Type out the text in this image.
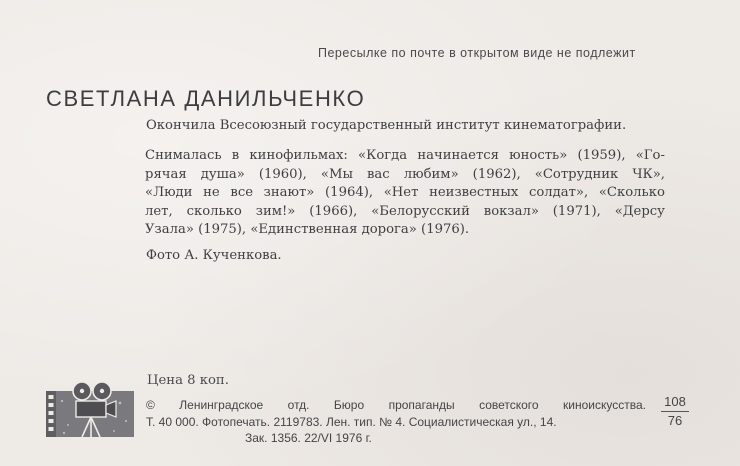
Пересылке по почте в открытом виде не подлежит
СВЕТЛАНА ДАНИЛЬЧЕНКО
Окончила Всесоюзный государственный институт кинематографии.
Снималась в кинофильмах: «Когда начинается юность» (1959), «Го-
рячая душа» (1960), «Мы вас любим» (1962), «Сотрудник ЧК»,
«Люди не все знают» (1964), «Нет неизвестных солдат», «Сколько
лет, сколько зим!» (1966), «Белорусский вокзал» (1971), «Дерсу
Узала» (1975), «Единственная дорога» (1976).
Фото А. Кученкова.
Цена 8 коп.
© Ленинградское отд. Бюро пропаганды советского киноискусства.
Т. 40 000. Фотопечать. 2119783. Лен. тип. № 4. Социалистическая ул., 14.
Зак. 1356. 22/VI 1976 г.
108
76
